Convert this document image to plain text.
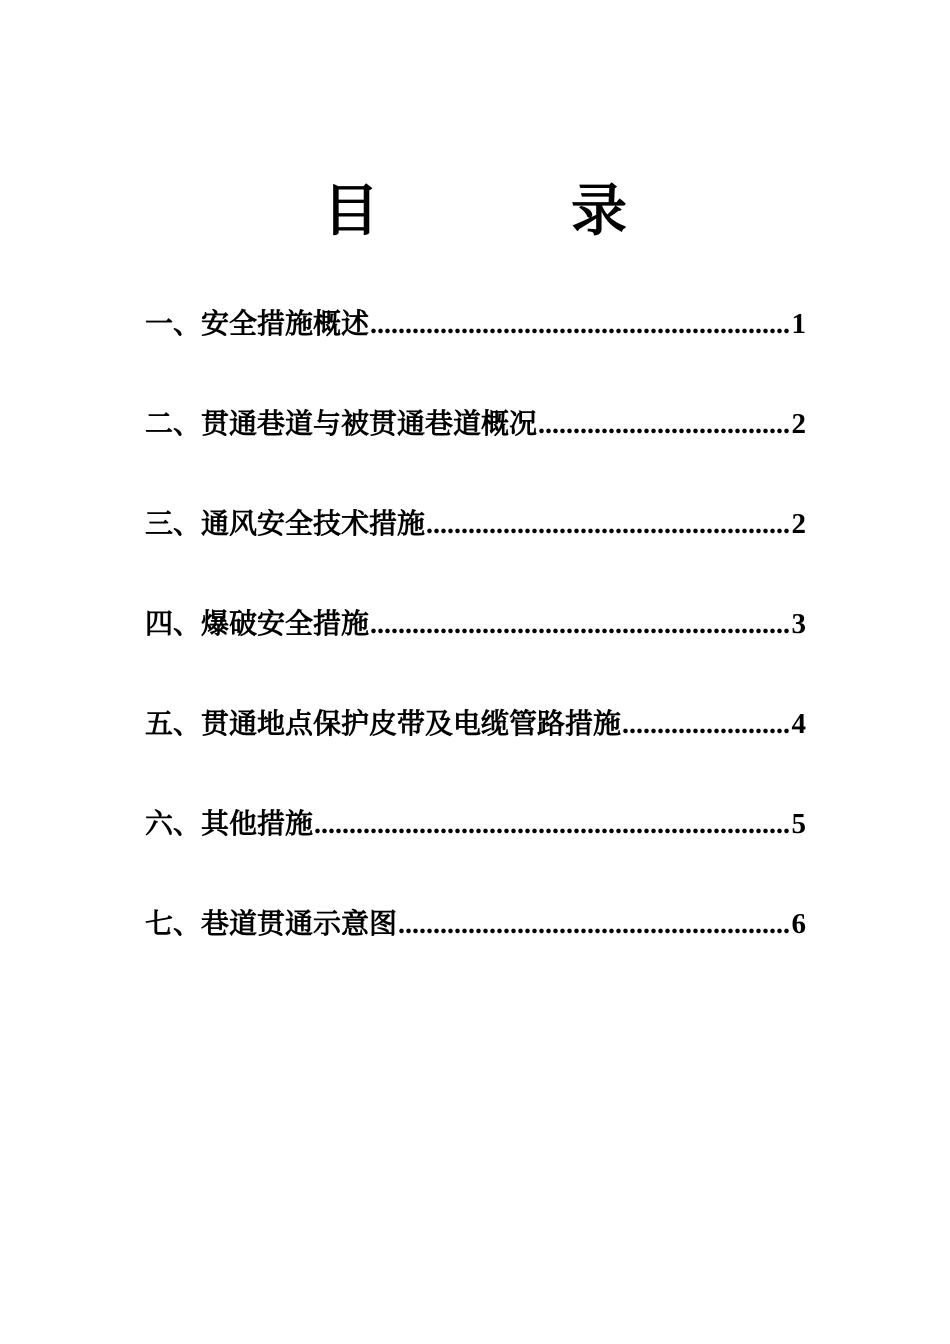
目　录
一 、 安全措施概述 .....	1
二 、 贯通巷道与被贯通巷道概况 .....	2
三 、 通风安全技术措施 .....	2
四 、 爆破安全措施 .....	3
五 、 贯通地点保护皮带及电缆管路措施 .....	4
六 、 其他措施 .....	5
七 、 巷道贯通示意图 .....	6
